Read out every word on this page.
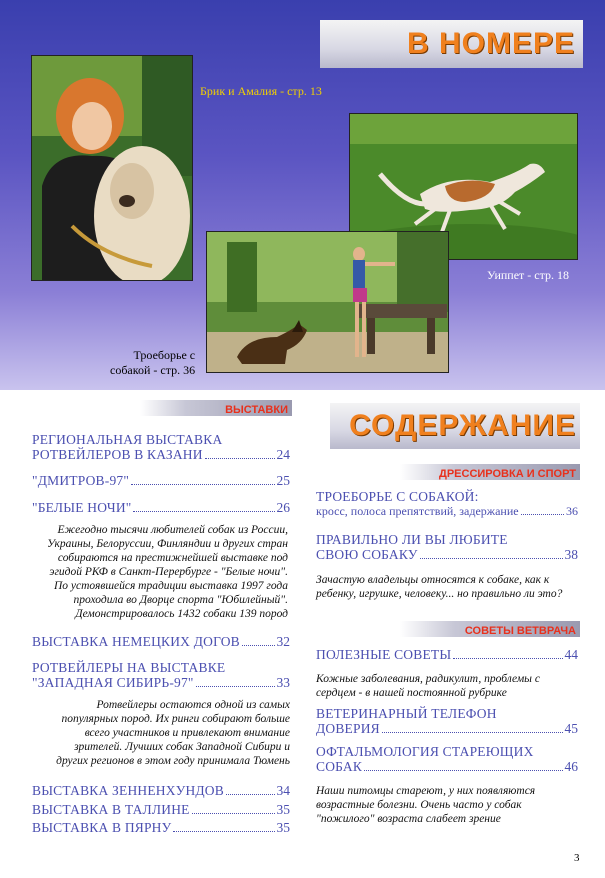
В НОМЕРЕ
Брик и Амалия - стр. 13
Уиппет - стр. 18
Троеборье с
собакой - стр. 36
ВЫСТАВКИ
РЕГИОНАЛЬНАЯ ВЫСТАВКА
РОТВЕЙЛЕРОВ В КАЗАНИ	24
"ДМИТРОВ-97"	25
"БЕЛЫЕ НОЧИ"	26
Ежегодно тысячи любителей собак из России, Украины, Белоруссии, Финляндии и других стран собираются на престижнейшей выставке под эгидой РКФ в Санкт-Перербурге - "Белые ночи". По устоявшейся традиции выставка 1997 года проходила во Дворце спорта "Юбилейный". Демонстрировалось 1432 собаки 139 пород
ВЫСТАВКА НЕМЕЦКИХ ДОГОВ	32
РОТВЕЙЛЕРЫ НА ВЫСТАВКЕ
"ЗАПАДНАЯ СИБИРЬ-97"	33
Ротвейлеры остаются одной из самых популярных пород. Их ринги собирают больше всего участников и привлекают внимание зрителей. Лучших собак Западной Сибири и других регионов в этом году принимала Тюмень
ВЫСТАВКА ЗЕННЕНХУНДОВ	34
ВЫСТАВКА В ТАЛЛИНЕ	35
ВЫСТАВКА В ПЯРНУ	35
СОДЕРЖАНИЕ
ДРЕССИРОВКА И СПОРТ
ТРОЕБОРЬЕ С СОБАКОЙ:
кросс, полоса препятствий, задержание	36
ПРАВИЛЬНО ЛИ ВЫ ЛЮБИТЕ
СВОЮ СОБАКУ	38
Зачастую владельцы относятся к собаке, как к ребенку, игрушке, человеку... но правильно ли это?
СОВЕТЫ ВЕТВРАЧА
ПОЛЕЗНЫЕ СОВЕТЫ	44
Кожные заболевания, радикулит, проблемы с сердцем - в нашей постоянной рубрике
ВЕТЕРИНАРНЫЙ ТЕЛЕФОН
ДОВЕРИЯ	45
ОФТАЛЬМОЛОГИЯ СТАРЕЮЩИХ
СОБАК	46
Наши питомцы стареют, у них появляются возрастные болезни. Очень часто у собак "пожилого" возраста слабеет зрение
3
